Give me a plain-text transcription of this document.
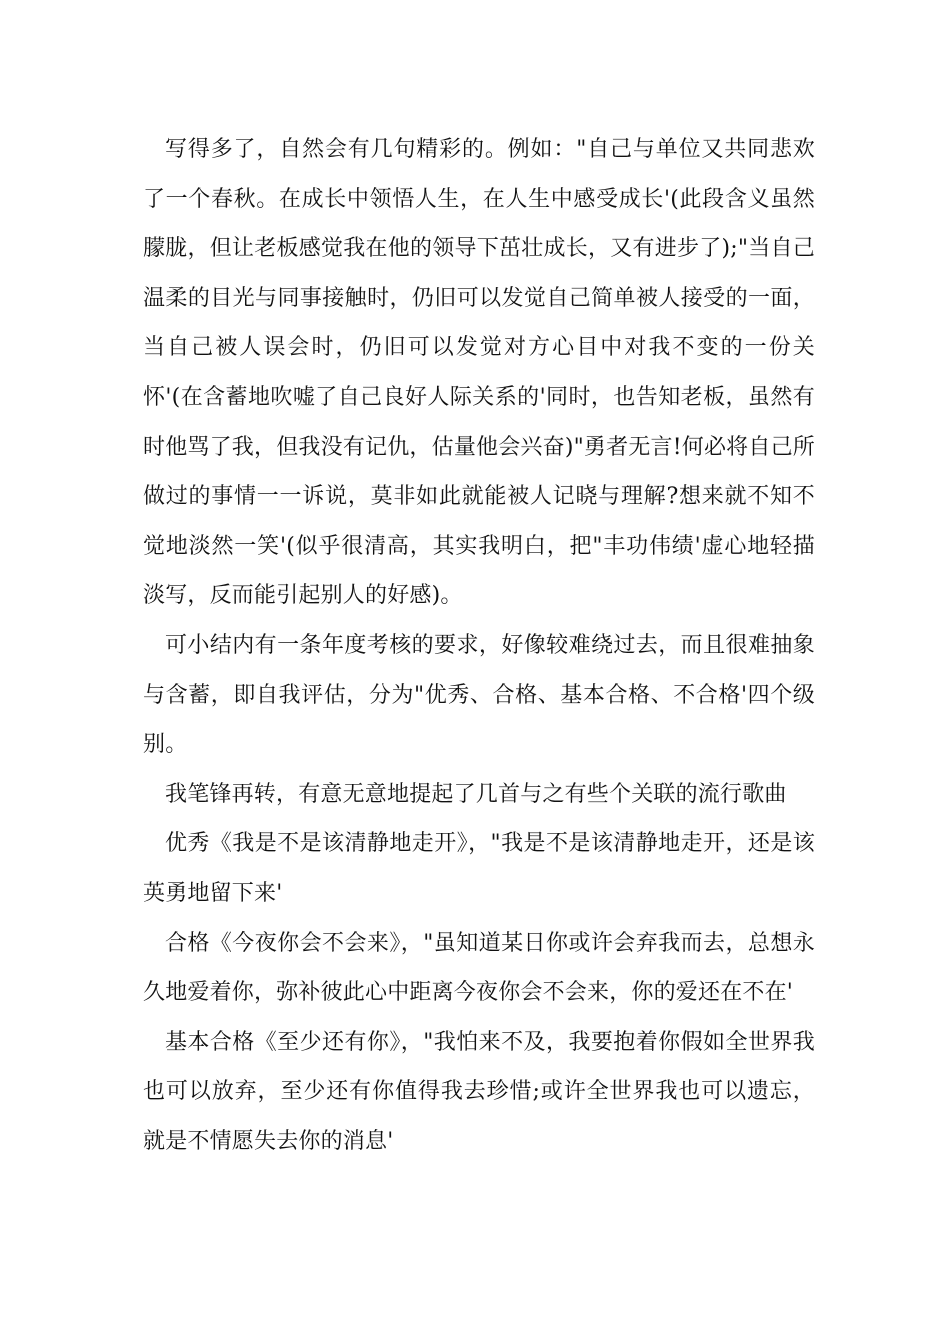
写得多了，自然会有几句精彩的。例如："自己与单位又共同悲欢了一个春秋。在成长中领悟人生，在人生中感受成长'(此段含义虽然朦胧，但让老板感觉我在他的领导下茁壮成长，又有进步了);"当自己温柔的目光与同事接触时，仍旧可以发觉自己简单被人接受的一面，当自己被人误会时，仍旧可以发觉对方心目中对我不变的一份关怀'(在含蓄地吹嘘了自己良好人际关系的'同时，也告知老板，虽然有时他骂了我，但我没有记仇，估量他会兴奋)"勇者无言!何必将自己所做过的事情一一诉说，莫非如此就能被人记晓与理解?想来就不知不觉地淡然一笑'(似乎很清高，其实我明白，把"丰功伟绩'虚心地轻描淡写，反而能引起别人的好感)。

可小结内有一条年度考核的要求，好像较难绕过去，而且很难抽象与含蓄，即自我评估，分为"优秀、合格、基本合格、不合格'四个级别。

我笔锋再转，有意无意地提起了几首与之有些个关联的流行歌曲

优秀《我是不是该清静地走开》，"我是不是该清静地走开，还是该英勇地留下来'

合格《今夜你会不会来》，"虽知道某日你或许会弃我而去，总想永久地爱着你，弥补彼此心中距离今夜你会不会来，你的爱还在不在'

基本合格《至少还有你》，"我怕来不及，我要抱着你假如全世界我也可以放弃，至少还有你值得我去珍惜;或许全世界我也可以遗忘，就是不情愿失去你的消息'
